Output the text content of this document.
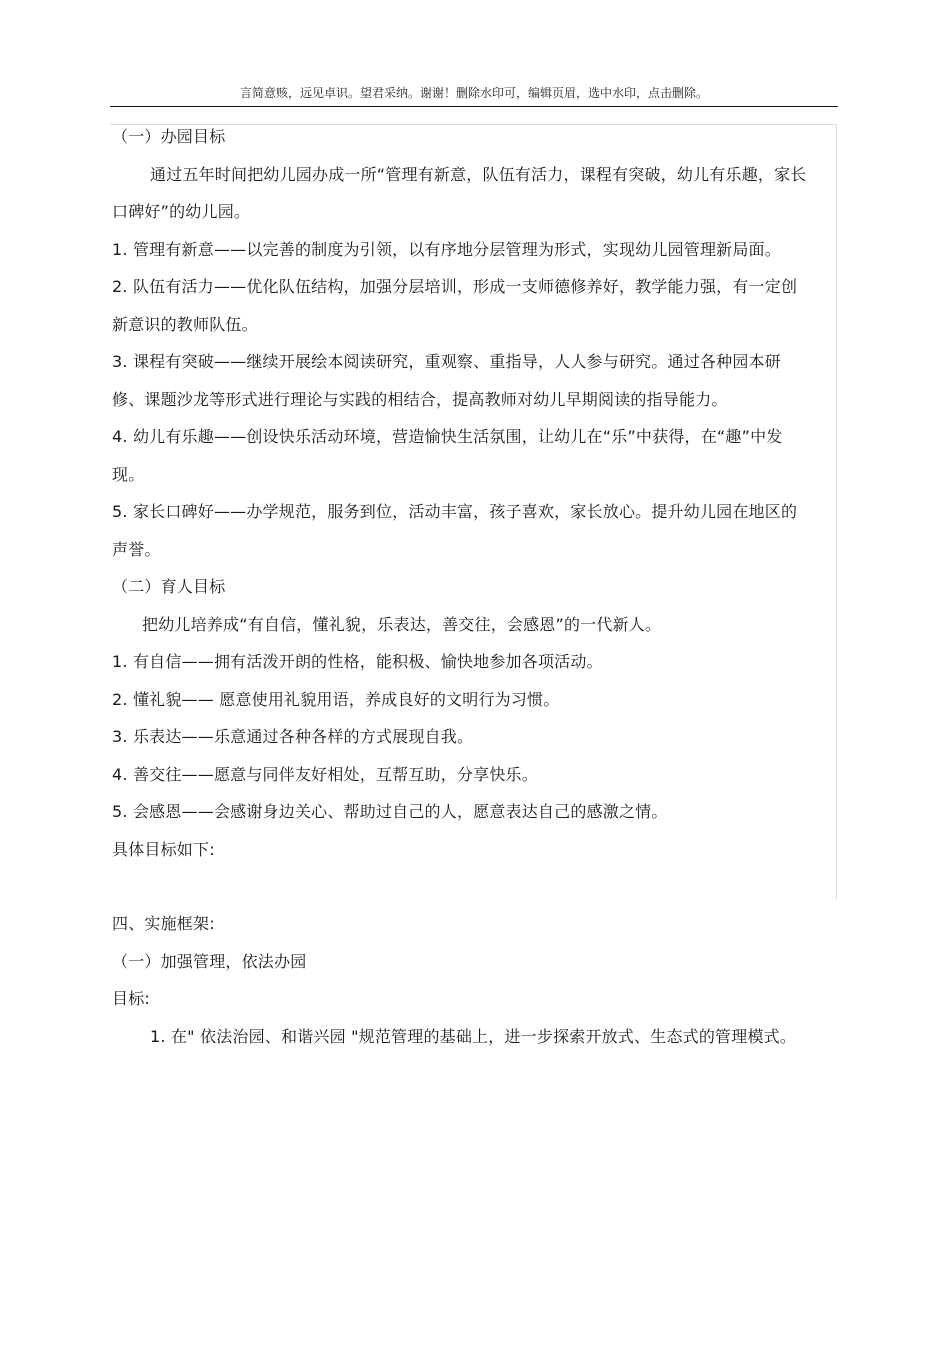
言简意赅，远见卓识。望君采纳。谢谢！删除水印可，编辑页眉，选中水印，点击删除。

（一）办园目标

通过五年时间把幼儿园办成一所“管理有新意，队伍有活力，课程有突破，幼儿有乐趣，家长口碑好”的幼儿园。

1. 管理有新意——以完善的制度为引领，以有序地分层管理为形式，实现幼儿园管理新局面。

2. 队伍有活力——优化队伍结构，加强分层培训，形成一支师德修养好，教学能力强，有一定创新意识的教师队伍。

3. 课程有突破——继续开展绘本阅读研究，重观察、重指导，人人参与研究。通过各种园本研修、课题沙龙等形式进行理论与实践的相结合，提高教师对幼儿早期阅读的指导能力。

4. 幼儿有乐趣——创设快乐活动环境，营造愉快生活氛围，让幼儿在“乐”中获得，在“趣”中发现。

5. 家长口碑好——办学规范，服务到位，活动丰富，孩子喜欢，家长放心。提升幼儿园在地区的声誉。

（二）育人目标

把幼儿培养成“有自信，懂礼貌，乐表达，善交往，会感恩”的一代新人。

1. 有自信——拥有活泼开朗的性格，能积极、愉快地参加各项活动。

2. 懂礼貌—— 愿意使用礼貌用语，养成良好的文明行为习惯。

3. 乐表达——乐意通过各种各样的方式展现自我。

4. 善交往——愿意与同伴友好相处，互帮互助，分享快乐。

5. 会感恩——会感谢身边关心、帮助过自己的人，愿意表达自己的感激之情。

具体目标如下:

四、实施框架:

（一）加强管理，依法办园

目标:

1. 在" 依法治园、和谐兴园 "规范管理的基础上，进一步探索开放式、生态式的管理模式。
